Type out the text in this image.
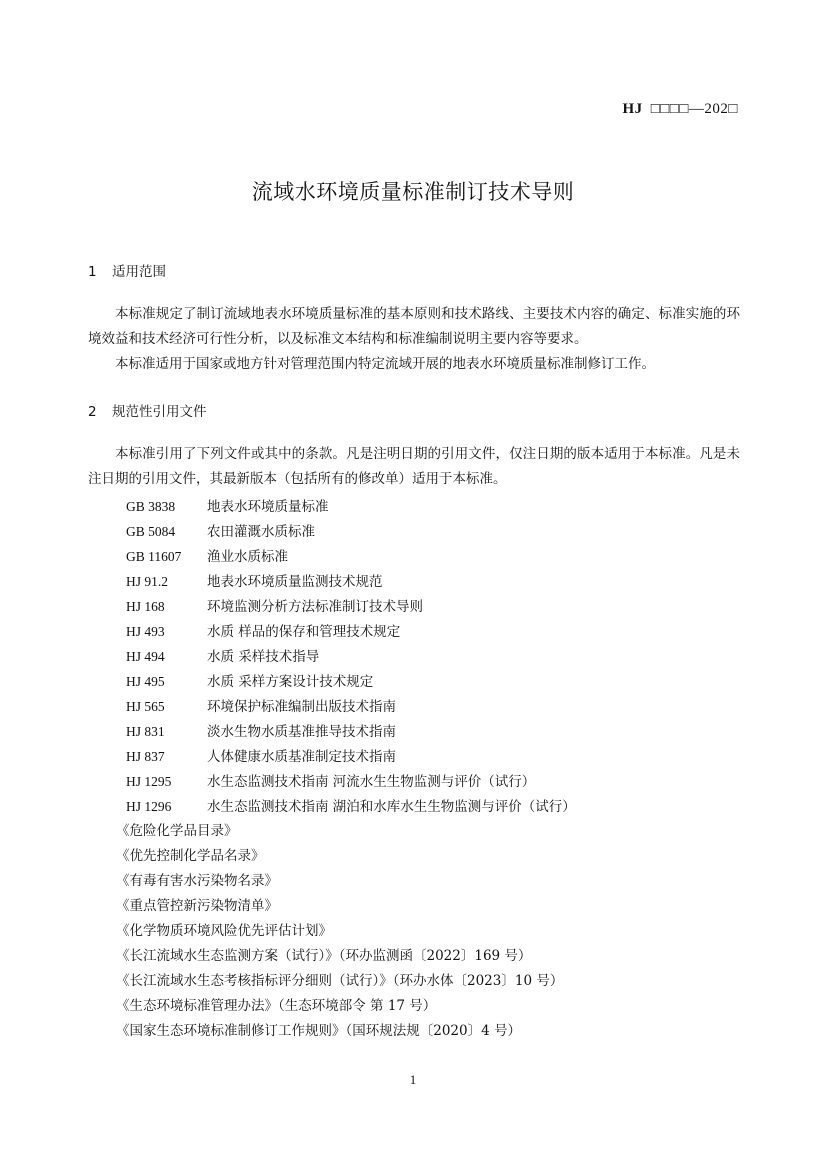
HJ □□□□—202□
流域水环境质量标准制订技术导则
1 适用范围

本标准规定了制订流域地表水环境质量标准的基本原则和技术路线、主要技术内容的确定、标准实施的环境效益和技术经济可行性分析，以及标准文本结构和标准编制说明主要内容等要求。

本标准适用于国家或地方针对管理范围内特定流域开展的地表水环境质量标准制修订工作。

2 规范性引用文件

本标准引用了下列文件或其中的条款。凡是注明日期的引用文件，仅注日期的版本适用于本标准。凡是未注日期的引用文件，其最新版本（包括所有的修改单）适用于本标准。

GB 3838 地表水环境质量标准
GB 5084 农田灌溉水质标准
GB 11607 渔业水质标准
HJ 91.2	地表水环境质量监测技术规范
HJ 168	环境监测分析方法标准制订技术导则
HJ 493	水质 样品的保存和管理技术规定
HJ 494	水质 采样技术指导
HJ 495	水质 采样方案设计技术规定
HJ 565	环境保护标准编制出版技术指南
HJ 831	淡水生物水质基准推导技术指南
HJ 837	人体健康水质基准制定技术指南
HJ 1295	水生态监测技术指南 河流水生生物监测与评价（试行）
HJ 1296	水生态监测技术指南 湖泊和水库水生生物监测与评价（试行）
《危险化学品目录》
《优先控制化学品名录》
《有毒有害水污染物名录》
《重点管控新污染物清单》
《化学物质环境风险优先评估计划》
《长江流域水生态监测方案（试行）》（环办监测函〔2022〕169 号）
《长江流域水生态考核指标评分细则（试行）》（环办水体〔2023〕10 号）
《生态环境标准管理办法》（生态环境部令 第 17 号）
《国家生态环境标准制修订工作规则》（国环规法规〔2020〕4 号）
1
